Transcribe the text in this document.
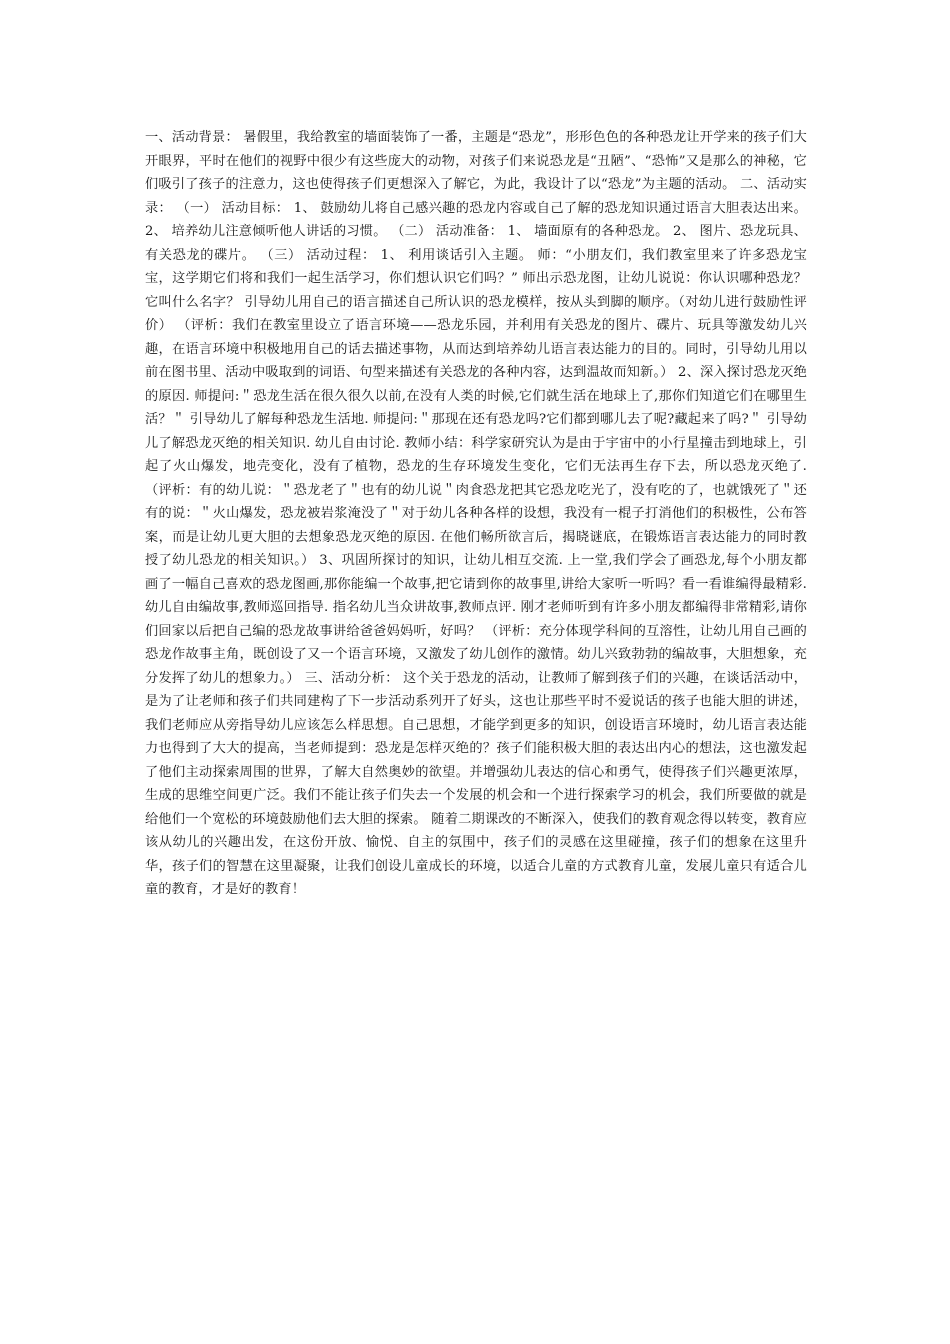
一、活动背景： 暑假里，我给教室的墙面装饰了一番，主题是“恐龙”，形形色色的各种恐龙让开学来的孩子们大开眼界，平时在他们的视野中很少有这些庞大的动物，对孩子们来说恐龙是“丑陋”、“恐怖”又是那么的神秘，它们吸引了孩子的注意力，这也使得孩子们更想深入了解它，为此，我设计了以“恐龙”为主题的活动。 二、活动实录： （一） 活动目标： 1、 鼓励幼儿将自己感兴趣的恐龙内容或自己了解的恐龙知识通过语言大胆表达出来。 2、 培养幼儿注意倾听他人讲话的习惯。 （二） 活动准备： 1、 墙面原有的各种恐龙。 2、 图片、恐龙玩具、有关恐龙的碟片。 （三） 活动过程： 1、 利用谈话引入主题。 师：“小朋友们，我们教室里来了许多恐龙宝宝，这学期它们将和我们一起生活学习，你们想认识它们吗？” 师出示恐龙图，让幼儿说说：你认识哪种恐龙？它叫什么名字？ 引导幼儿用自己的语言描述自己所认识的恐龙模样，按从头到脚的顺序。（对幼儿进行鼓励性评价） （评析：我们在教室里设立了语言环境——恐龙乐园，并利用有关恐龙的图片、碟片、玩具等激发幼儿兴趣，在语言环境中积极地用自己的话去描述事物，从而达到培养幼儿语言表达能力的目的。同时，引导幼儿用以前在图书里、活动中吸取到的词语、句型来描述有关恐龙的各种内容，达到温故而知新。） 2、深入探讨恐龙灭绝的原因. 师提问:＂恐龙生活在很久很久以前,在没有人类的时候,它们就生活在地球上了,那你们知道它们在哪里生活？＂ 引导幼儿了解每种恐龙生活地. 师提问:＂那现在还有恐龙吗?它们都到哪儿去了呢?藏起来了吗?＂ 引导幼儿了解恐龙灭绝的相关知识. 幼儿自由讨论. 教师小结：科学家研究认为是由于宇宙中的小行星撞击到地球上，引起了火山爆发，地壳变化，没有了植物，恐龙的生存环境发生变化，它们无法再生存下去，所以恐龙灭绝了. （评析：有的幼儿说：＂恐龙老了＂也有的幼儿说＂肉食恐龙把其它恐龙吃光了，没有吃的了，也就饿死了＂还有的说：＂火山爆发，恐龙被岩浆淹没了＂对于幼儿各种各样的设想，我没有一棍子打消他们的积极性，公布答案，而是让幼儿更大胆的去想象恐龙灭绝的原因. 在他们畅所欲言后，揭晓谜底，在锻炼语言表达能力的同时教授了幼儿恐龙的相关知识。） 3、巩固所探讨的知识，让幼儿相互交流. 上一堂,我们学会了画恐龙,每个小朋友都画了一幅自己喜欢的恐龙图画,那你能编一个故事,把它请到你的故事里,讲给大家听一听吗？看一看谁编得最精彩. 幼儿自由编故事,教师巡回指导. 指名幼儿当众讲故事,教师点评. 刚才老师听到有许多小朋友都编得非常精彩,请你们回家以后把自己编的恐龙故事讲给爸爸妈妈听，好吗？ （评析：充分体现学科间的互溶性，让幼儿用自己画的恐龙作故事主角，既创设了又一个语言环境，又激发了幼儿创作的激情。幼儿兴致勃勃的编故事，大胆想象，充分发挥了幼儿的想象力。） 三、活动分析： 这个关于恐龙的活动，让教师了解到孩子们的兴趣，在谈话活动中，是为了让老师和孩子们共同建构了下一步活动系列开了好头，这也让那些平时不爱说话的孩子也能大胆的讲述，我们老师应从旁指导幼儿应该怎么样思想。自己思想，才能学到更多的知识，创设语言环境时，幼儿语言表达能力也得到了大大的提高，当老师提到：恐龙是怎样灭绝的？孩子们能积极大胆的表达出内心的想法，这也激发起了他们主动探索周围的世界，了解大自然奥妙的欲望。并增强幼儿表达的信心和勇气，使得孩子们兴趣更浓厚，生成的思维空间更广泛。我们不能让孩子们失去一个发展的机会和一个进行探索学习的机会，我们所要做的就是给他们一个宽松的环境鼓励他们去大胆的探索。 随着二期课改的不断深入，使我们的教育观念得以转变，教育应该从幼儿的兴趣出发，在这份开放、愉悦、自主的氛围中，孩子们的灵感在这里碰撞，孩子们的想象在这里升华，孩子们的智慧在这里凝聚，让我们创设儿童成长的环境，以适合儿童的方式教育儿童，发展儿童只有适合儿童的教育，才是好的教育！
